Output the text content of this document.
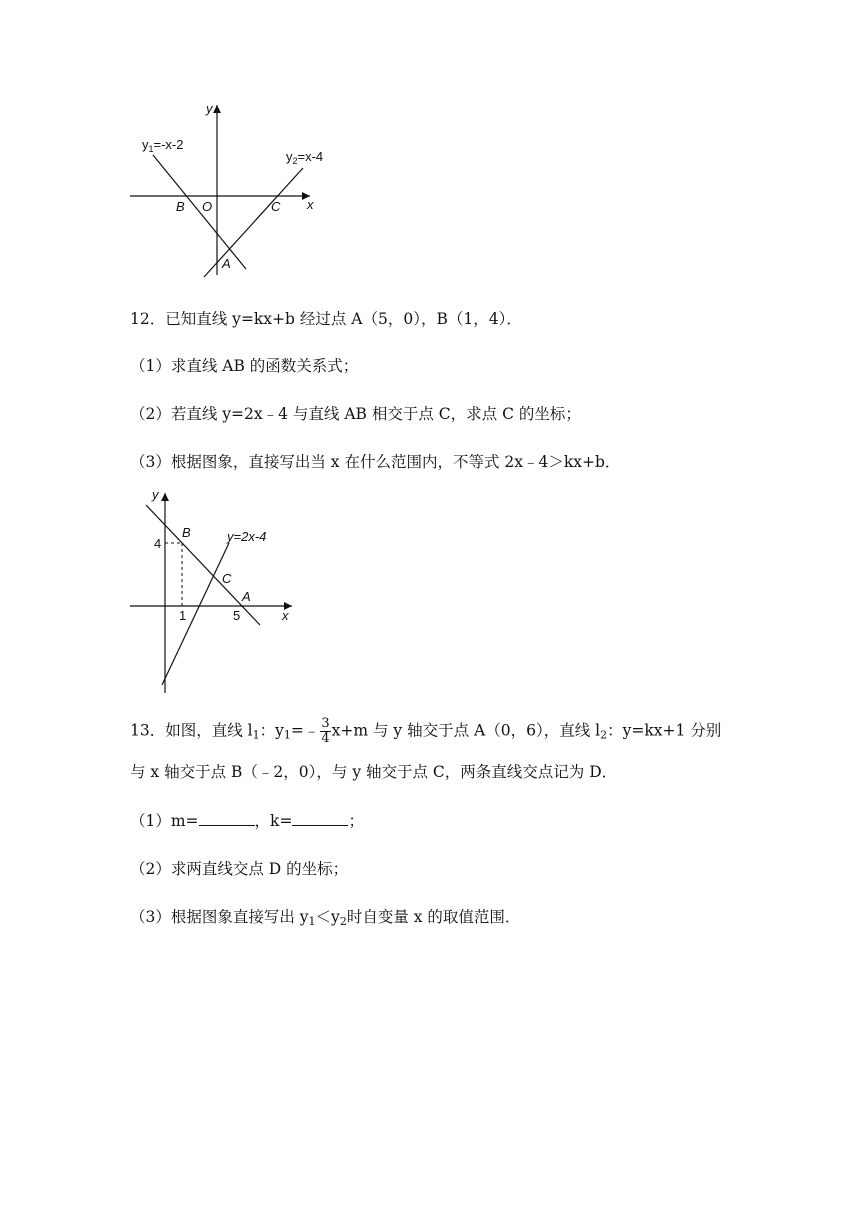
y
x
$y_1=-x-2$
$y_2=x-4$
B O	C
A
12．已知直线 y=kx+b 经过点 A（5，0），B（1，4）．
（1）求直线 AB 的函数关系式；
（2）若直线 y=2x﹣4 与直线 AB 相交于点 C，求点 C 的坐标；
（3）根据图象，直接写出当 x 在什么范围内，不等式 2x﹣4＞kx+b．
y
x
y=2x-4
B
C
A
4
1	5
13．如图，直线 $l_1$：$y_1=﹣ \frac{3}{4} x+m$ 与 y 轴交于点 A（0，6），直线 $l_2$：y=kx+1 分别
与 x 轴交于点 B（﹣2，0），与 y 轴交于点 C，两条直线交点记为 D．
（1）m=	，k=	；
（2）求两直线交点 D 的坐标；
（3）根据图象直接写出 $y_1<y_2$时自变量 x 的取值范围．
